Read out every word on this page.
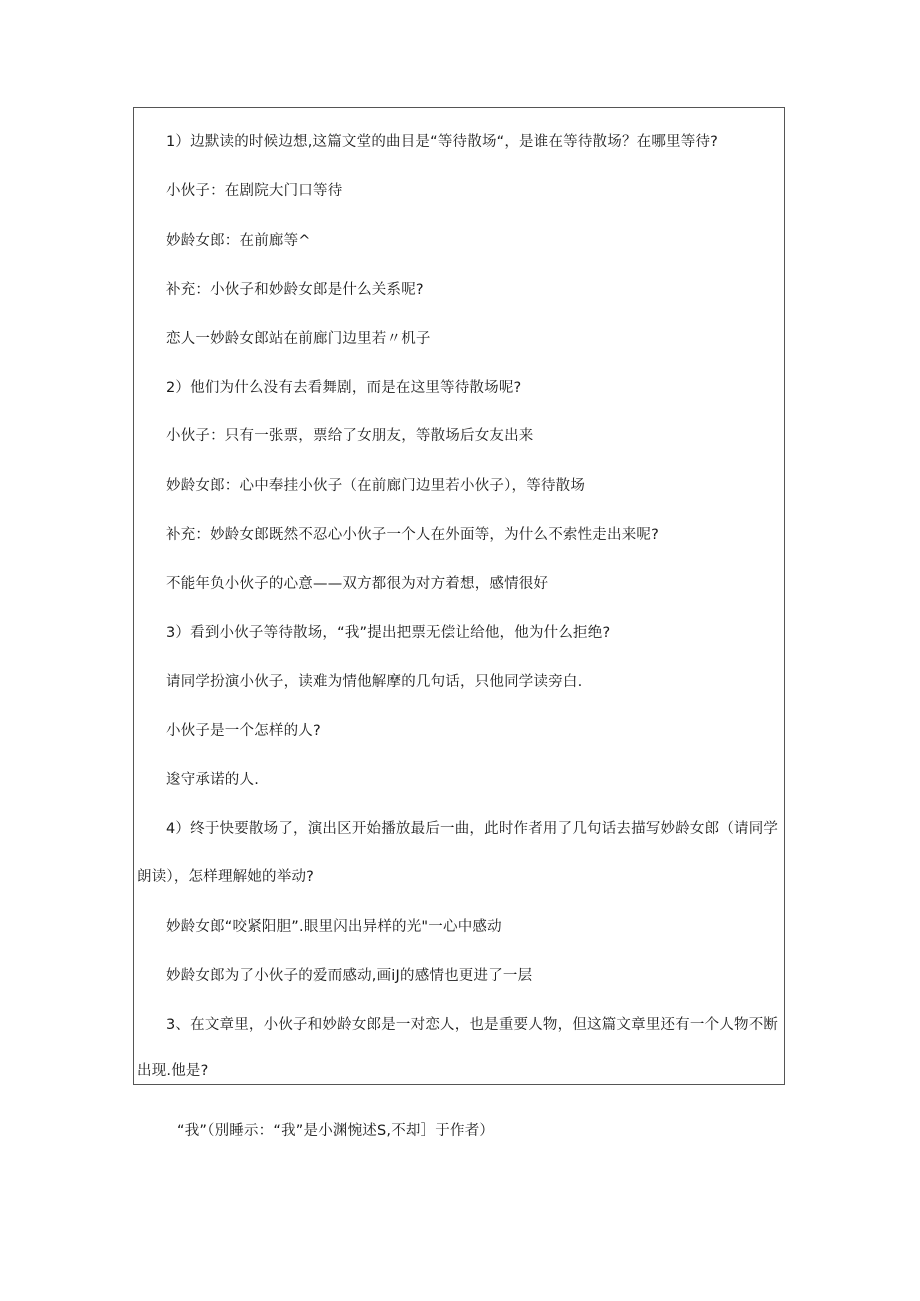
1）边默读的时候边想,这篇文堂的曲目是“等待散场“，是谁在等待散场？在哪里等待?
小伙子：在剧院大门口等待
妙龄女郎：在前廊等^
补充：小伙子和妙龄女郎是什么关系呢?
恋人一妙龄女郎站在前廊门边里若〃机子
2）他们为什么没有去看舞剧，而是在这里等待散场呢?
小伙子：只有一张票，票给了女朋友，等散场后女友出来
妙龄女郎：心中奉挂小伙子（在前廊门边里若小伙子），等待散场
补充：妙龄女郎既然不忍心小伙子一个人在外面等，为什么不索性走出来呢?
不能年负小伙子的心意——双方都很为对方着想，感情很好
3）看到小伙子等待散场，“我”提出把票无偿让给他，他为什么拒绝?
请同学扮演小伙子，读难为情他解摩的几句话，只他同学读旁白.
小伙子是一个怎样的人?
逡守承诺的人.
4）终于快要散场了，演出区开始播放最后一曲，此时作者用了几句话去描写妙龄女郎（请同学
朗读），怎样理解她的举动?
妙龄女郎“咬紧阳胆”.眼里闪出异样的光"一心中感动
妙龄女郎为了小伙子的爱而感动,画iJ的感情也更进了一层
3、在文章里，小伙子和妙龄女郎是一对恋人，也是重要人物，但这篇文章里还有一个人物不断
出现.他是?
“我”（別睡示：“我”是小渊惋述S,不却］于作者）
